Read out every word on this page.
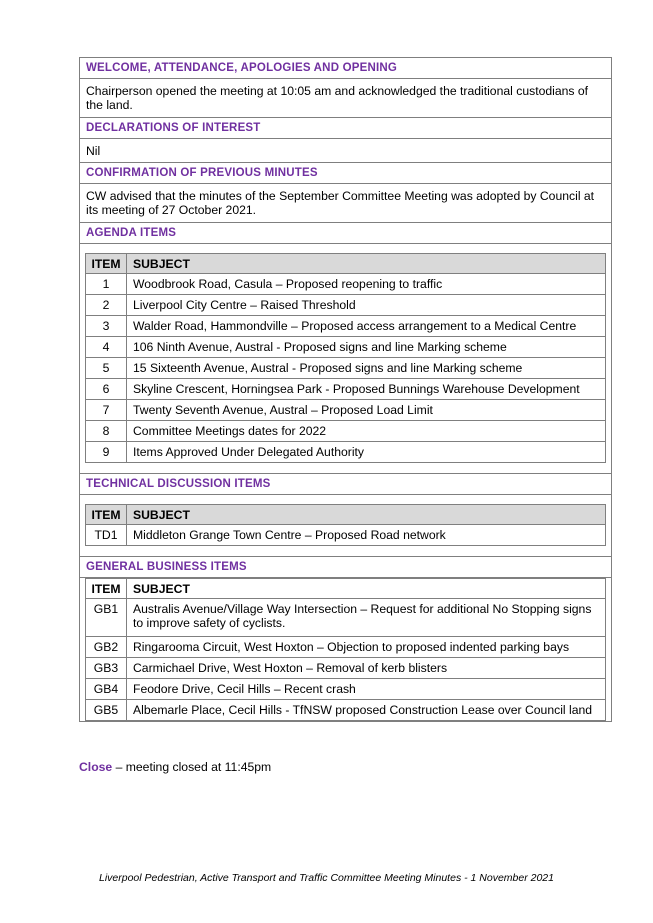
WELCOME, ATTENDANCE, APOLOGIES AND OPENING
Chairperson opened the meeting at 10:05 am and acknowledged the traditional custodians of the land.
DECLARATIONS OF INTEREST
Nil
CONFIRMATION OF PREVIOUS MINUTES
CW advised that the minutes of the September Committee Meeting was adopted by Council at its meeting of 27 October 2021.
AGENDA ITEMS
ITEM	SUBJECT
1	Woodbrook Road, Casula – Proposed reopening to traffic
2	Liverpool City Centre – Raised Threshold
3	Walder Road, Hammondville – Proposed access arrangement to a Medical Centre
4	106 Ninth Avenue, Austral - Proposed signs and line Marking scheme
5	15 Sixteenth Avenue, Austral - Proposed signs and line Marking scheme
6	Skyline Crescent, Horningsea Park - Proposed Bunnings Warehouse Development
7	Twenty Seventh Avenue, Austral – Proposed Load Limit
8	Committee Meetings dates for 2022
9	Items Approved Under Delegated Authority
TECHNICAL DISCUSSION ITEMS
ITEM	SUBJECT
TD1	Middleton Grange Town Centre – Proposed Road network
GENERAL BUSINESS ITEMS
ITEM	SUBJECT
GB1	Australis Avenue/Village Way Intersection – Request for additional No Stopping signs to improve safety of cyclists.
GB2	Ringarooma Circuit, West Hoxton – Objection to proposed indented parking bays
GB3	Carmichael Drive, West Hoxton – Removal of kerb blisters
GB4	Feodore Drive, Cecil Hills – Recent crash
GB5	Albemarle Place, Cecil Hills - TfNSW proposed Construction Lease over Council land
Close – meeting closed at 11:45pm
Liverpool Pedestrian, Active Transport and Traffic Committee Meeting Minutes - 1 November 2021
